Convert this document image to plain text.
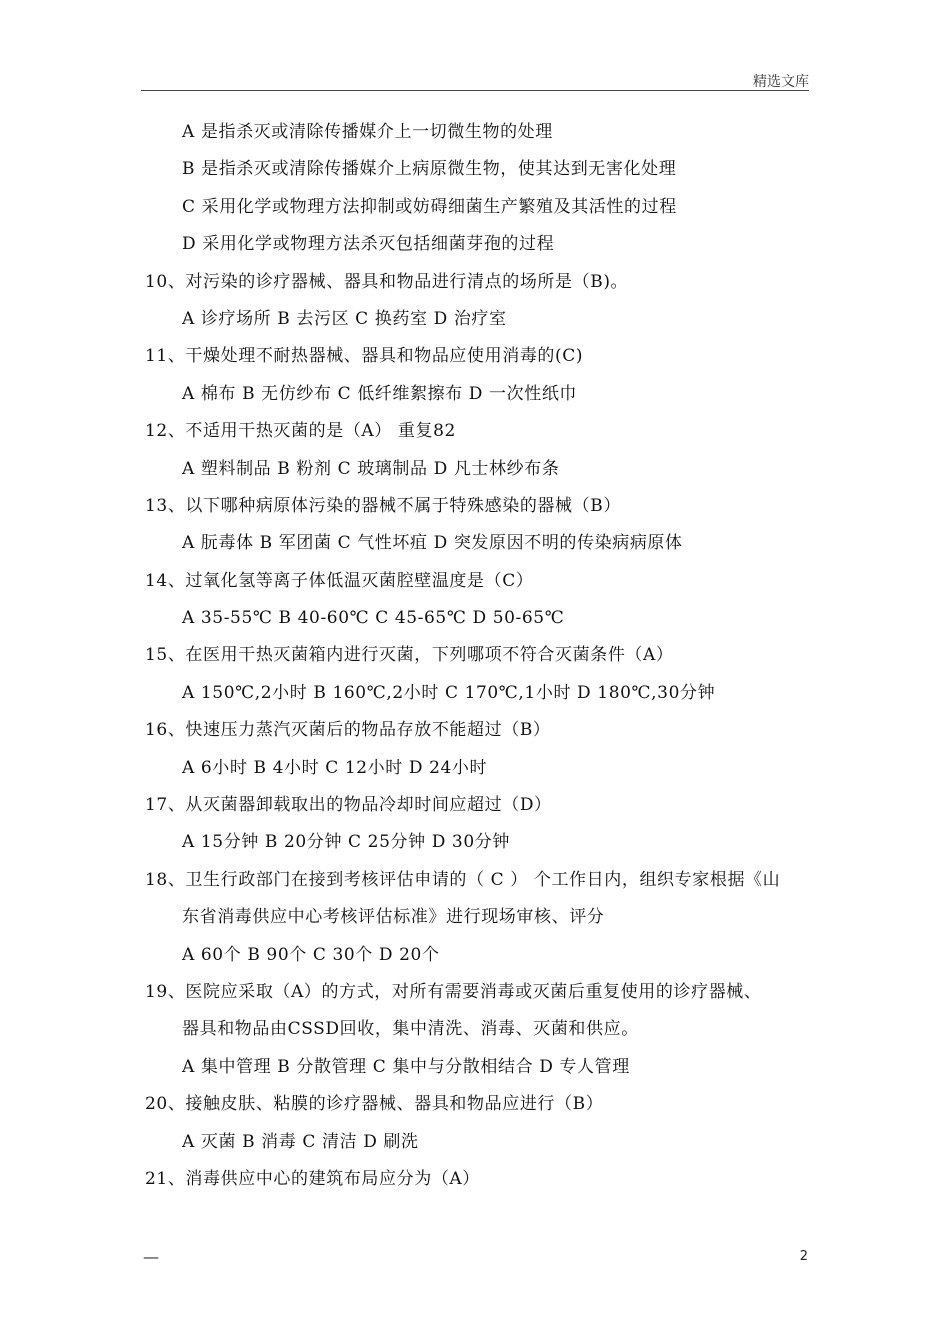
精选文库
A 是指杀灭或清除传播媒介上一切微生物的处理
B 是指杀灭或清除传播媒介上病原微生物，使其达到无害化处理
C 采用化学或物理方法抑制或妨碍细菌生产繁殖及其活性的过程
D 采用化学或物理方法杀灭包括细菌芽孢的过程
10、对污染的诊疗器械、器具和物品进行清点的场所是（B)。
A 诊疗场所 B 去污区 C 换药室 D 治疗室
11、干燥处理不耐热器械、器具和物品应使用消毒的(C)
A 棉布 B 无仿纱布 C 低纤维絮擦布 D 一次性纸巾
12、不适用干热灭菌的是（A） 重复82
A 塑料制品 B 粉剂 C 玻璃制品 D 凡士林纱布条
13、以下哪种病原体污染的器械不属于特殊感染的器械（B）
A 朊毒体 B 军团菌 C 气性坏疽 D 突发原因不明的传染病病原体
14、过氧化氢等离子体低温灭菌腔壁温度是（C）
A 35-55℃ B 40-60℃ C 45-65℃ D 50-65℃
15、在医用干热灭菌箱内进行灭菌，下列哪项不符合灭菌条件（A）
A 150℃,2小时 B 160℃,2小时 C 170℃,1小时 D 180℃,30分钟
16、快速压力蒸汽灭菌后的物品存放不能超过（B）
A 6小时 B 4小时 C 12小时 D 24小时
17、从灭菌器卸载取出的物品冷却时间应超过（D）
A 15分钟 B 20分钟 C 25分钟 D 30分钟
18、卫生行政部门在接到考核评估申请的（ C ） 个工作日内，组织专家根据《山
东省消毒供应中心考核评估标准》进行现场审核、评分
A 60个 B 90个 C 30个 D 20个
19、医院应采取（A）的方式，对所有需要消毒或灭菌后重复使用的诊疗器械、
器具和物品由CSSD回收，集中清洗、消毒、灭菌和供应。
A 集中管理 B 分散管理 C 集中与分散相结合 D 专人管理
20、接触皮肤、粘膜的诊疗器械、器具和物品应进行（B）
A 灭菌 B 消毒 C 清洁 D 刷洗
21、消毒供应中心的建筑布局应分为（A）
—	2
